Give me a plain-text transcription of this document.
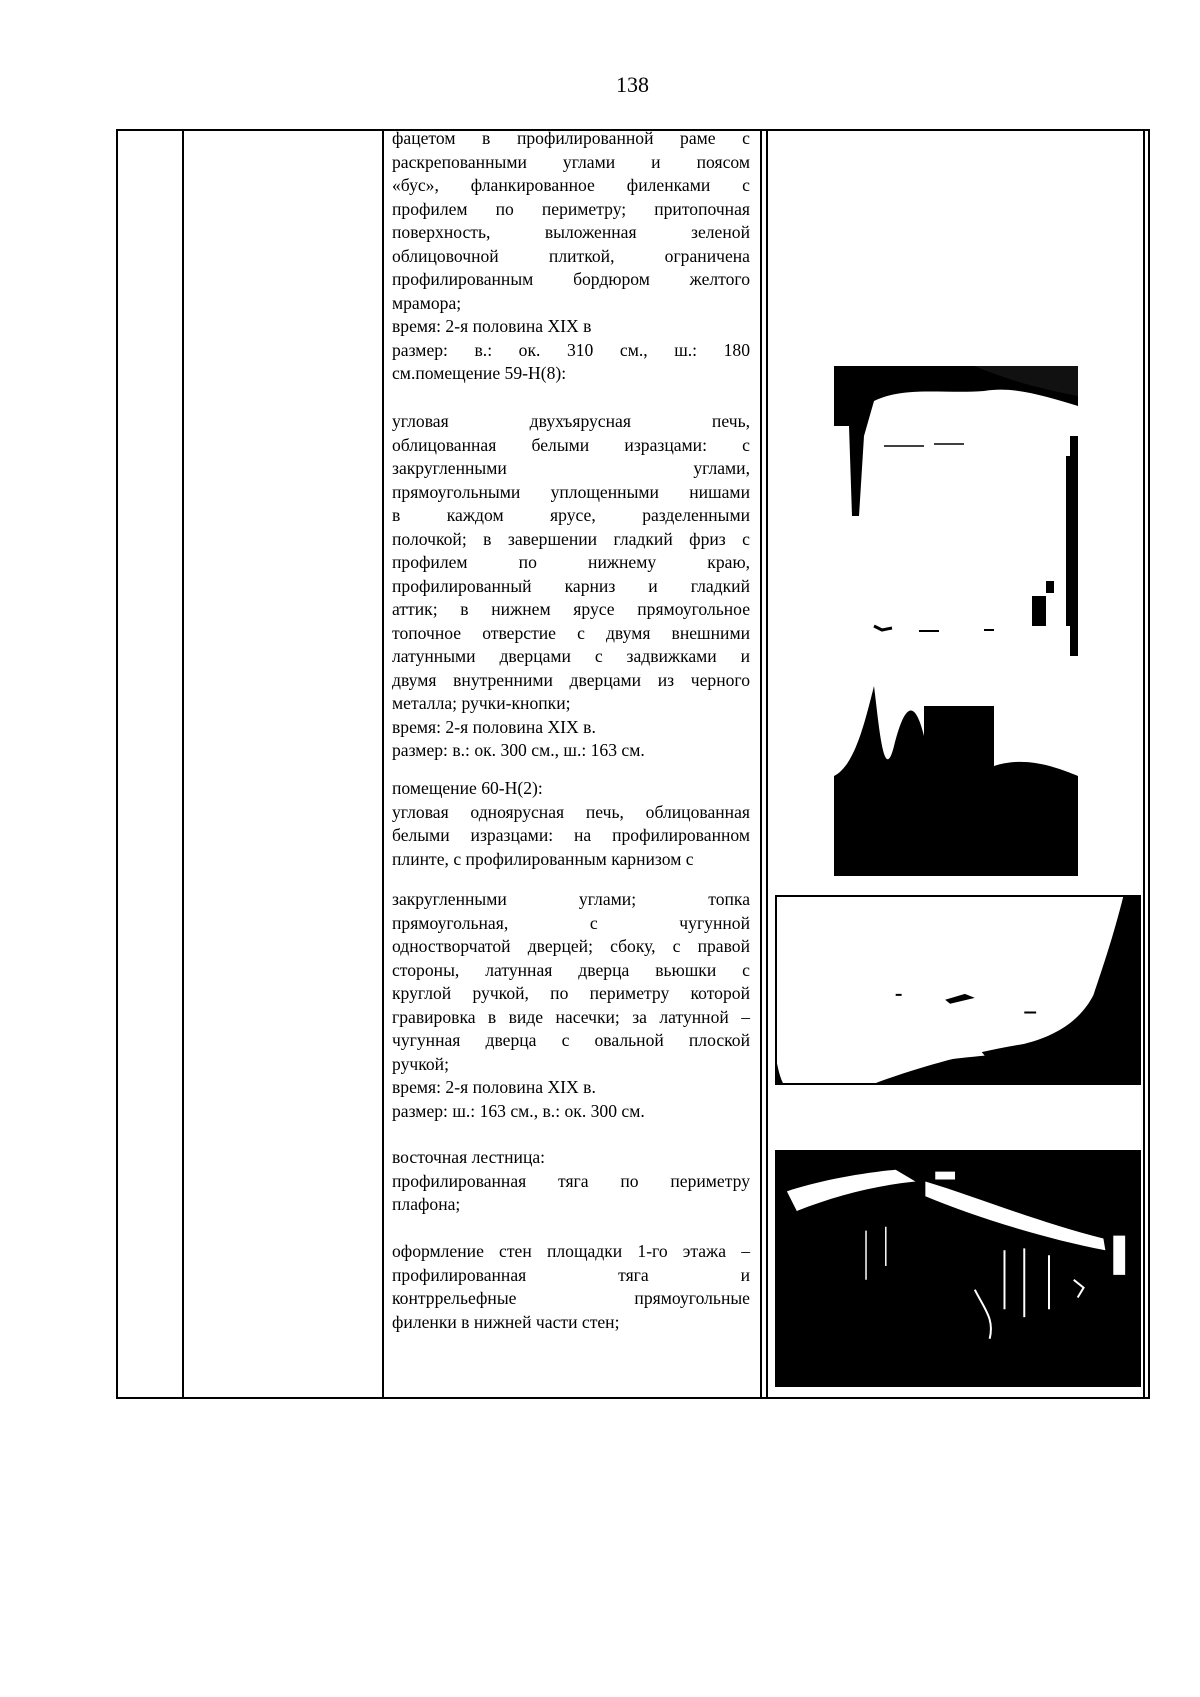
138
фацетом в профилированной раме с
раскрепованными углами и поясом
«бус», фланкированное филенками с
профилем по периметру; притопочная
поверхность, выложенная зеленой
облицовочной плиткой, ограничена
профилированным бордюром желтого
мрамора;
время: 2-я половина XIX в
размер: в.: ок. 310 см., ш.: 180
см.помещение 59-Н(8):
угловая двухъярусная печь,
облицованная белыми изразцами: с
закругленными углами,
прямоугольными уплощенными нишами
в каждом ярусе, разделенными
полочкой; в завершении гладкий фриз с
профилем по нижнему краю,
профилированный карниз и гладкий
аттик; в нижнем ярусе прямоугольное
топочное отверстие с двумя внешними
латунными дверцами с задвижками и
двумя внутренними дверцами из черного
металла; ручки-кнопки;
время: 2-я половина XIX в.
размер: в.: ок. 300 см., ш.: 163 см.
помещение 60-Н(2):
угловая одноярусная печь, облицованная
белыми изразцами: на профилированном
плинте, с профилированным карнизом с
закругленными углами; топка
прямоугольная, с чугунной
одностворчатой дверцей; сбоку, с правой
стороны, латунная дверца вьюшки с
круглой ручкой, по периметру которой
гравировка в виде насечки; за латунной –
чугунная дверца с овальной плоской
ручкой;
время: 2-я половина XIX в.
размер: ш.: 163 см., в.: ок. 300 см.
восточная лестница:
профилированная тяга по периметру
плафона;
оформление стен площадки 1-го этажа –
профилированная тяга и
контррельефные прямоугольные
филенки в нижней части стен;
